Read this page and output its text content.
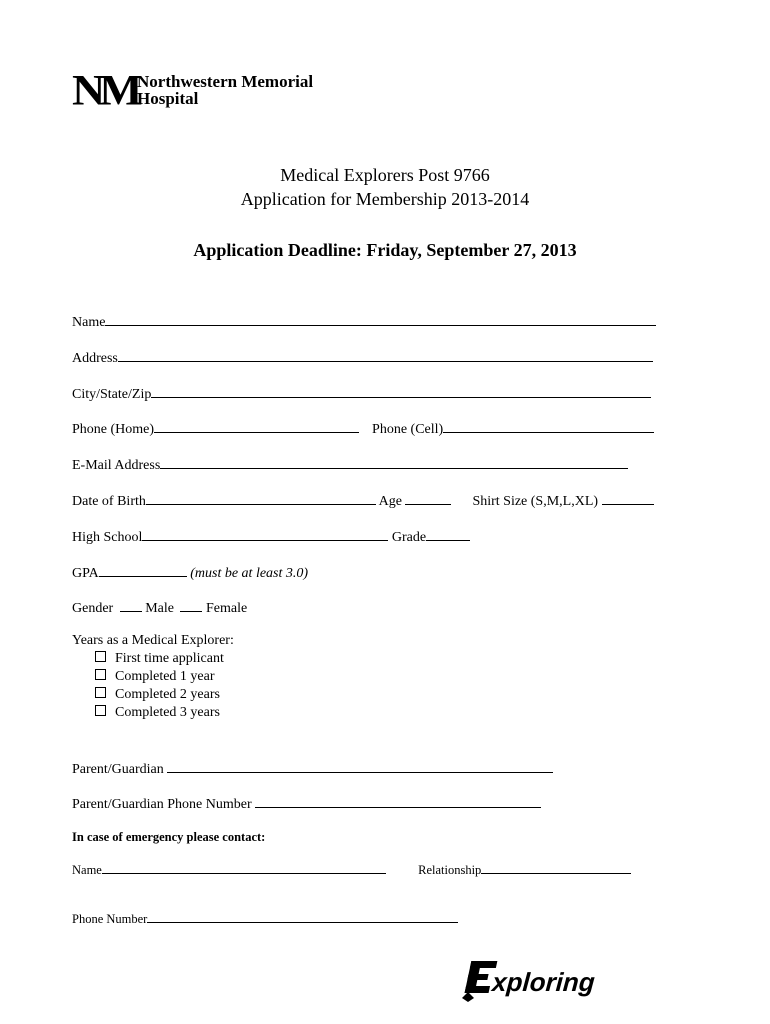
NM Northwestern Memorial
Hospital
Medical Explorers Post 9766
Application for Membership 2013-2014
Application Deadline: Friday, September 27, 2013
Name
Address
City/State/Zip
Phone (Home)	Phone (Cell)
E-Mail Address
Date of Birth	Age	Shirt Size (S,M,L,XL)
High School	Grade
GPA	(must be at least 3.0)
Gender Male Female
Years as a Medical Explorer:
First time applicant
Completed 1 year
Completed 2 years
Completed 3 years
Parent/Guardian
Parent/Guardian Phone Number
In case of emergency please contact:
Name	Relationship
Phone Number
xploring
